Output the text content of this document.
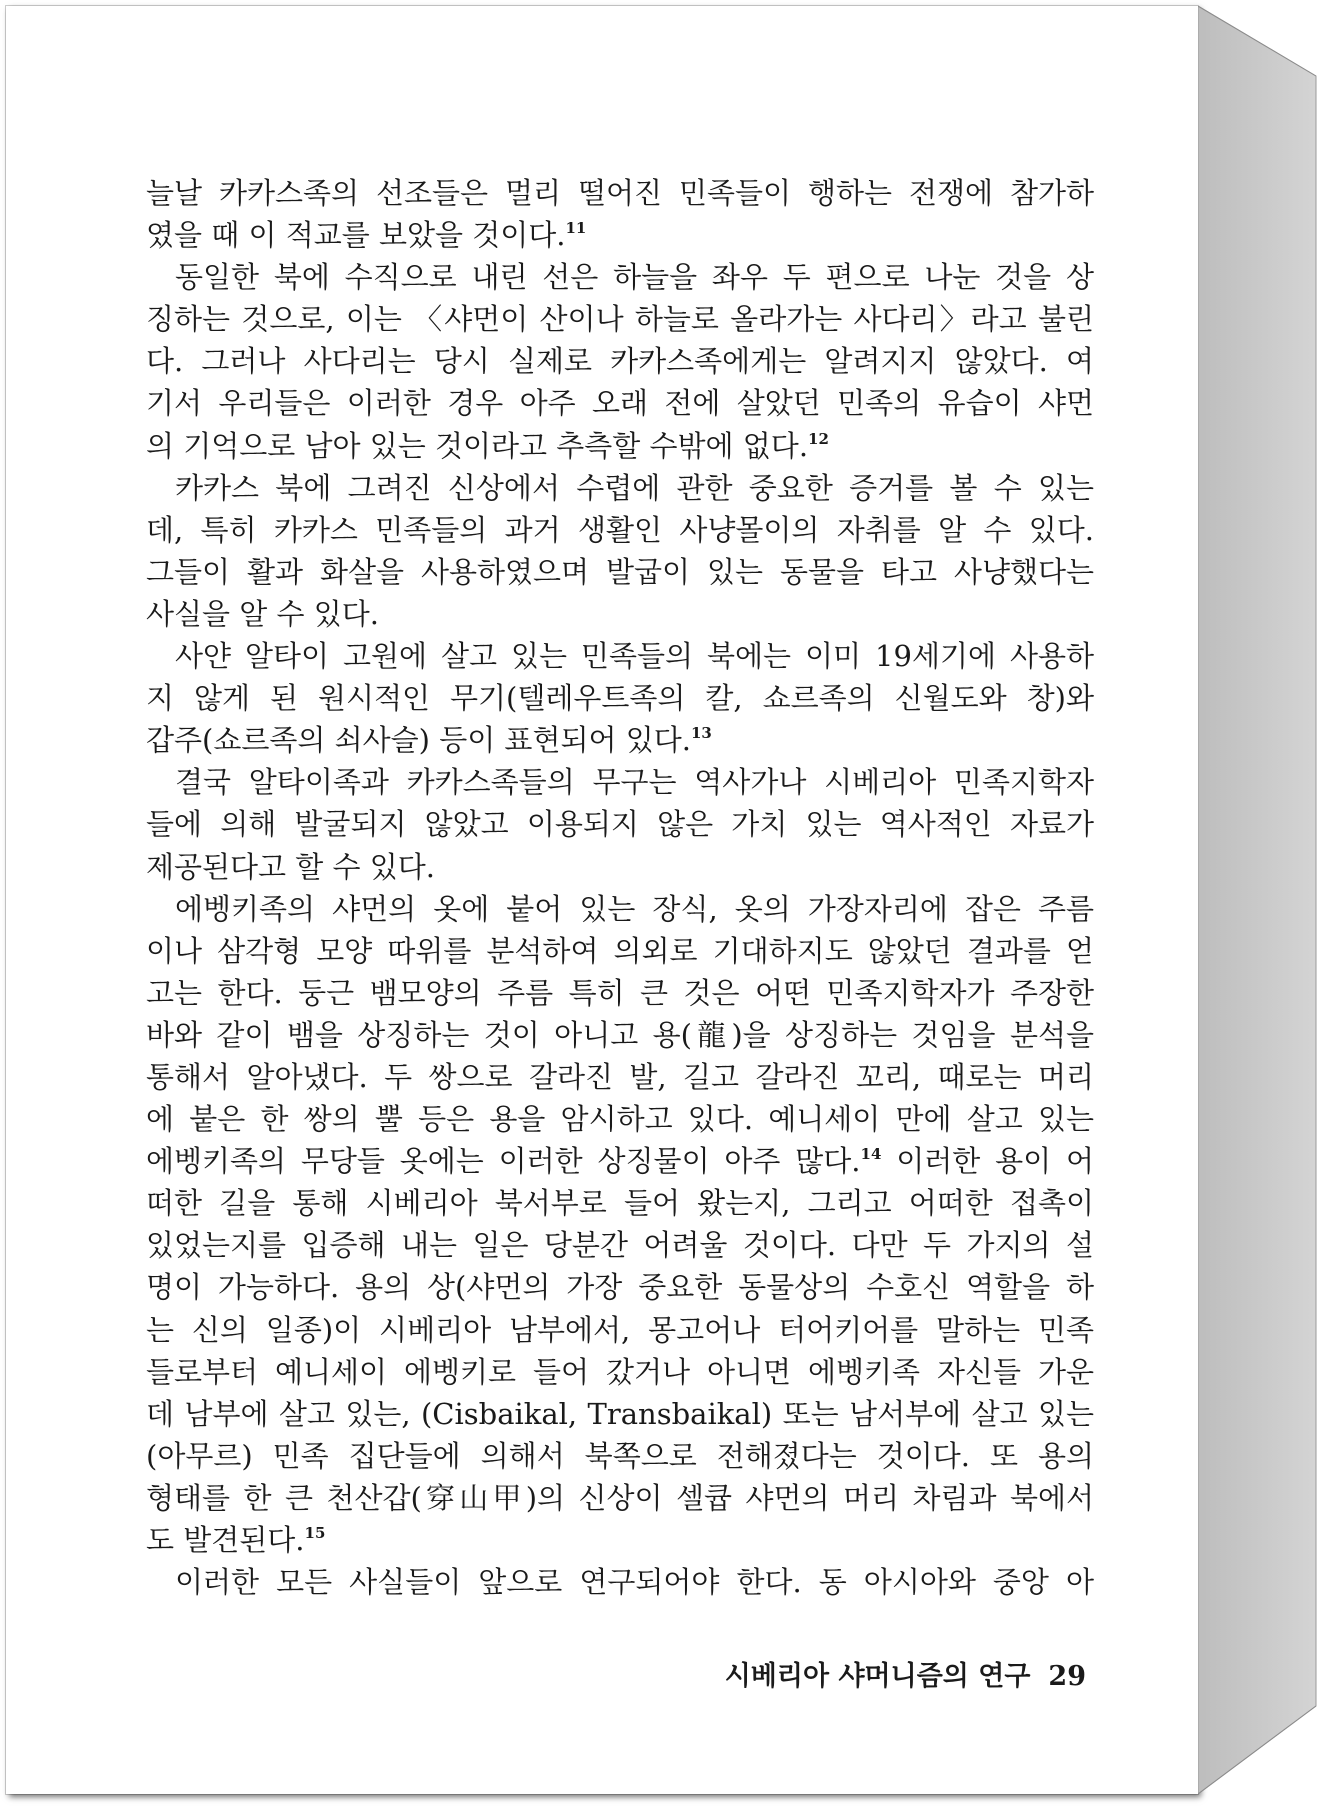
늘날 카카스족의 선조들은 멀리 떨어진 민족들이 행하는 전쟁에 참가하
였을 때 이 적교를 보았을 것이다.$^{11}$
동일한 북에 수직으로 내린 선은 하늘을 좌우 두 편으로 나눈 것을 상
징하는 것으로, 이는 〈샤먼이 산이나 하늘로 올라가는 사다리〉라고 불린
다. 그러나 사다리는 당시 실제로 카카스족에게는 알려지지 않았다. 여
기서 우리들은 이러한 경우 아주 오래 전에 살았던 민족의 유습이 샤먼
의 기억으로 남아 있는 것이라고 추측할 수밖에 없다.$^{12}$
카카스 북에 그려진 신상에서 수렵에 관한 중요한 증거를 볼 수 있는
데, 특히 카카스 민족들의 과거 생활인 사냥몰이의 자취를 알 수 있다.
그들이 활과 화살을 사용하였으며 발굽이 있는 동물을 타고 사냥했다는
사실을 알 수 있다.
사얀 알타이 고원에 살고 있는 민족들의 북에는 이미 19세기에 사용하
지 않게 된 원시적인 무기(텔레우트족의 칼, 쇼르족의 신월도와 창)와
갑주(쇼르족의 쇠사슬) 등이 표현되어 있다.$^{13}$
결국 알타이족과 카카스족들의 무구는 역사가나 시베리아 민족지학자
들에 의해 발굴되지 않았고 이용되지 않은 가치 있는 역사적인 자료가
제공된다고 할 수 있다.
에벵키족의 샤먼의 옷에 붙어 있는 장식, 옷의 가장자리에 잡은 주름
이나 삼각형 모양 따위를 분석하여 의외로 기대하지도 않았던 결과를 얻
고는 한다. 둥근 뱀모양의 주름 특히 큰 것은 어떤 민족지학자가 주장한
바와 같이 뱀을 상징하는 것이 아니고 용(龍)을 상징하는 것임을 분석을
통해서 알아냈다. 두 쌍으로 갈라진 발, 길고 갈라진 꼬리, 때로는 머리
에 붙은 한 쌍의 뿔 등은 용을 암시하고 있다. 예니세이 만에 살고 있는
에벵키족의 무당들 옷에는 이러한 상징물이 아주 많다.$^{14}$ 이러한 용이 어
떠한 길을 통해 시베리아 북서부로 들어 왔는지, 그리고 어떠한 접촉이
있었는지를 입증해 내는 일은 당분간 어려울 것이다. 다만 두 가지의 설
명이 가능하다. 용의 상(샤먼의 가장 중요한 동물상의 수호신 역할을 하
는 신의 일종)이 시베리아 남부에서, 몽고어나 터어키어를 말하는 민족
들로부터 예니세이 에벵키로 들어 갔거나 아니면 에벵키족 자신들 가운
데 남부에 살고 있는, (Cisbaikal, Transbaikal) 또는 남서부에 살고 있는
(아무르) 민족 집단들에 의해서 북쪽으로 전해졌다는 것이다. 또 용의
형태를 한 큰 천산갑(穿山甲)의 신상이 셀큡 샤먼의 머리 차림과 북에서
도 발견된다.$^{15}$
이러한 모든 사실들이 앞으로 연구되어야 한다. 동 아시아와 중앙 아
시베리아 샤머니즘의 연구 29
